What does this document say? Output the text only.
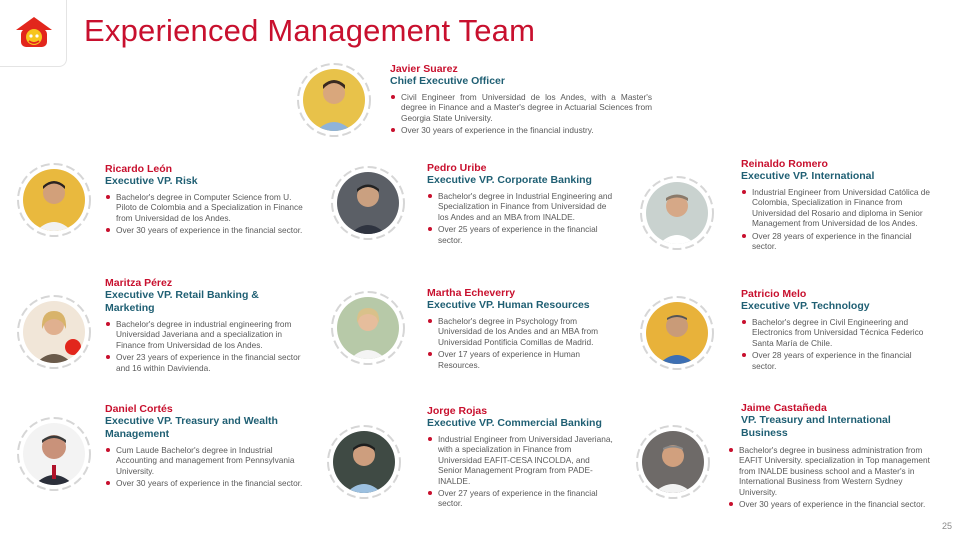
Experienced Management Team
Javier Suarez
Chief Executive Officer
Civil Engineer from Universidad de los Andes, with a Master's degree in Finance and a Master's degree in Actuarial Sciences from Georgia State University.
Over 30 years of experience in the financial industry.
Ricardo León
Executive VP. Risk
Bachelor's degree in Computer Science from U. Piloto de Colombia and a Specialization in Finance from Universidad de los Andes.
Over 30 years of experience in the financial sector.
Pedro Uribe
Executive VP. Corporate Banking
Bachelor's degree in Industrial Engineering and Specialization in Finance from Universidad de los Andes and an MBA from INALDE.
Over 25 years of experience in the financial sector.
Reinaldo Romero
Executive VP. International
Industrial Engineer from Universidad Católica de Colombia, Specialization in Finance from Universidad del Rosario and diploma in Senior Management from Universidad de los Andes.
Over 28 years of experience in the financial sector.
Maritza Pérez
Executive VP. Retail Banking & Marketing
Bachelor's degree in industrial engineering from Universidad Javeriana and a specialization in Finance from Universidad de los Andes.
Over 23 years of experience in the financial sector and 16 within Davivienda.
Martha Echeverry
Executive VP. Human Resources
Bachelor's degree in Psychology from Universidad de los Andes and an MBA from Universidad Pontificia Comillas de Madrid.
Over 17 years of experience in Human Resources.
Patricio Melo
Executive VP. Technology
Bachelor's degree in Civil Engineering and Electronics from Universidad Técnica Federico Santa María de Chile.
Over 28 years of experience in the financial sector.
Daniel Cortés
Executive VP. Treasury and Wealth Management
Cum Laude Bachelor's degree in Industrial Accounting and management from Pennsylvania University.
Over 30 years of experience in the financial sector.
Jorge Rojas
Executive VP. Commercial Banking
Industrial Engineer from Universidad Javeriana, with a specialization in Finance from Universidad EAFIT-CESA INCOLDA, and Senior Management Program from PADE-INALDE.
Over 27 years of experience in the financial sector.
Jaime Castañeda
VP. Treasury and International Business
Bachelor's degree in business administration from EAFIT University. specialization in Top management from INALDE business school and a Master's in International Business from Western Sydney University.
Over 30 years of experience in the financial sector.
25
